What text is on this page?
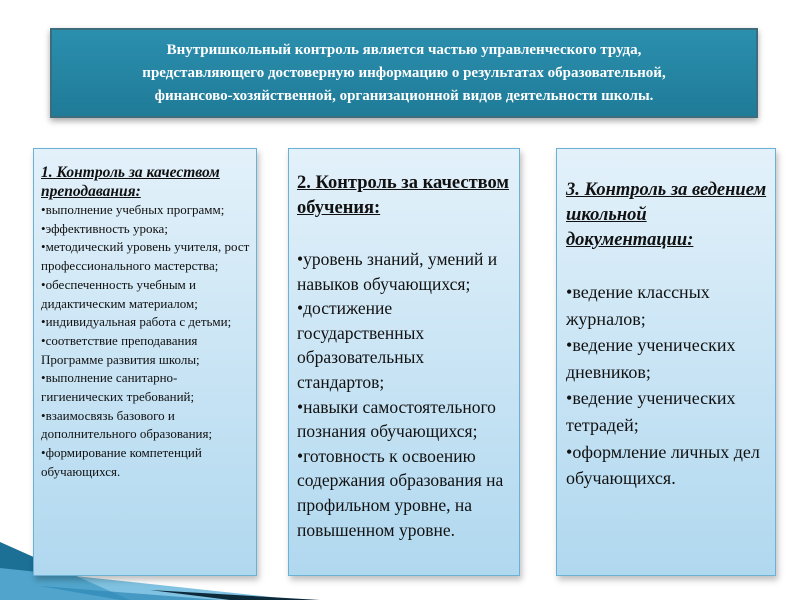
Внутришкольный контроль является частью управленческого труда,
представляющего достоверную информацию о результатах образовательной,
финансово-хозяйственной, организационной видов деятельности школы.

1. Контроль за качеством преподавания:

• выполнение учебных программ;
• эффективность урока;
• методический уровень учителя, рост профессионального мастерства;
• обеспеченность учебным и дидактическим материалом;
• индивидуальная работа с детьми;
• соответствие преподавания Программе развития школы;
• выполнение санитарно-гигиенических требований;
• взаимосвязь базового и дополнительного образования;
• формирование компетенций обучающихся.

2. Контроль за качеством обучения:

• уровень знаний, умений и навыков обучающихся;
• достижение государственных образовательных стандартов;
• навыки самостоятельного познания обучающихся;
• готовность к освоению содержания образования на профильном уровне, на повышенном уровне.

3. Контроль за ведением школьной документации:

• ведение классных журналов;
• ведение ученических дневников;
• ведение ученических тетрадей;
• оформление личных дел обучающихся.
